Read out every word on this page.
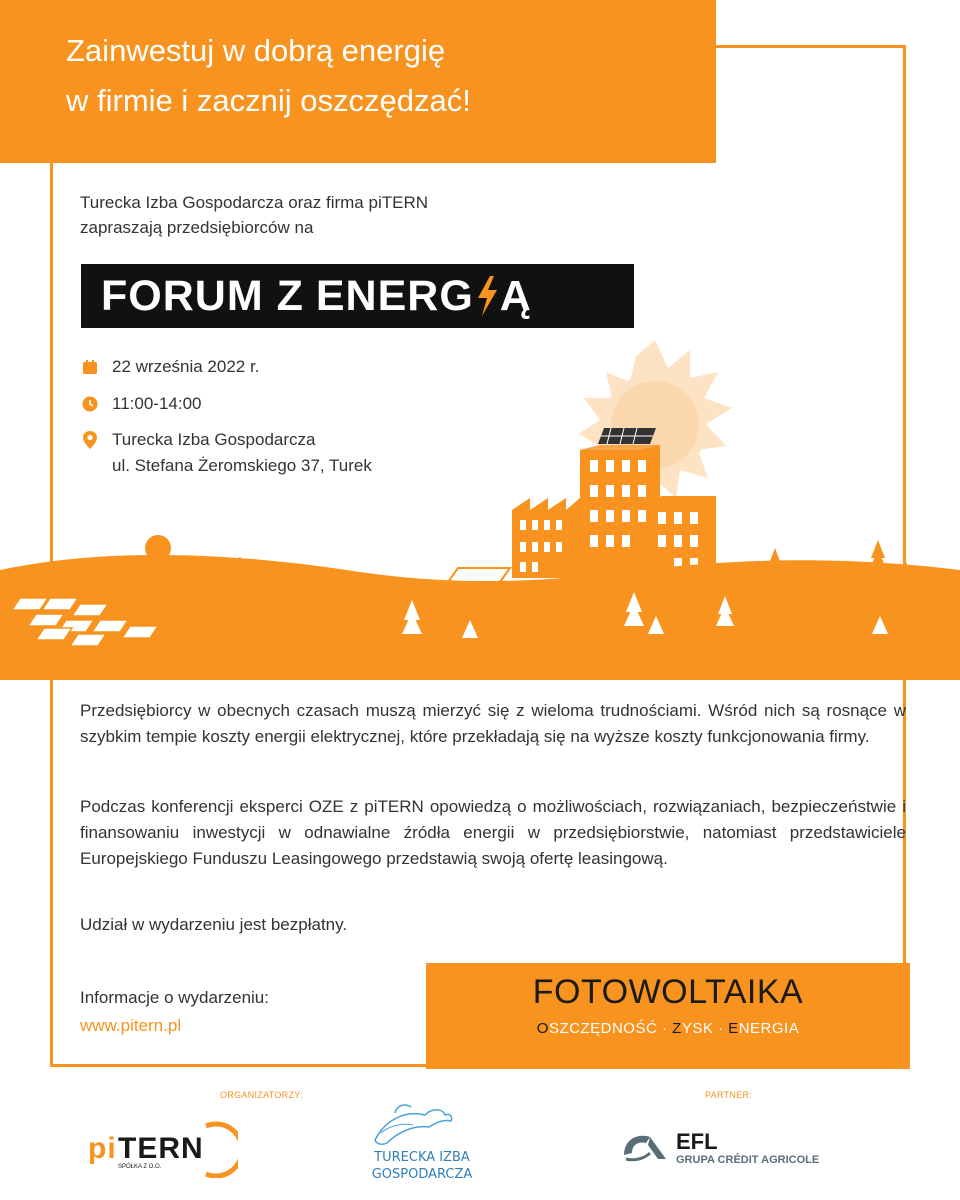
Zainwestuj w dobrą energię
w firmie i zacznij oszczędzać!
Turecka Izba Gospodarcza oraz firma piTERN
zapraszają przedsiębiorców na
FORUM Z ENERG Ą
22 września 2022 r.
11:00-14:00
Turecka Izba Gospodarcza
ul. Stefana Żeromskiego 37, Turek
Przedsiębiorcy w obecnych czasach muszą mierzyć się z wieloma trudnościami. Wśród nich są rosnące w szybkim tempie koszty energii elektrycznej, które przekładają się na wyższe koszty funkcjonowania firmy.
Podczas konferencji eksperci OZE z piTERN opowiedzą o możliwościach, rozwiązaniach, bezpieczeństwie i finansowaniu inwestycji w odnawialne źródła energii w przedsiębiorstwie, natomiast przedstawiciele Europejskiego Funduszu Leasingowego przedstawią swoją ofertę leasingową.
Udział w wydarzeniu jest bezpłatny.
Informacje o wydarzeniu:
www.pitern.pl
FOTOWOLTAIKA
OSZCZĘDNOŚĆ · ZYSK · ENERGIA
ORGANIZATORZY:	PARTNER:
pi TERN
SPÓŁKA Z O.O.
TURECKA IZBA
GOSPODARCZA
EFL
GRUPA CRÉDIT AGRICOLE
